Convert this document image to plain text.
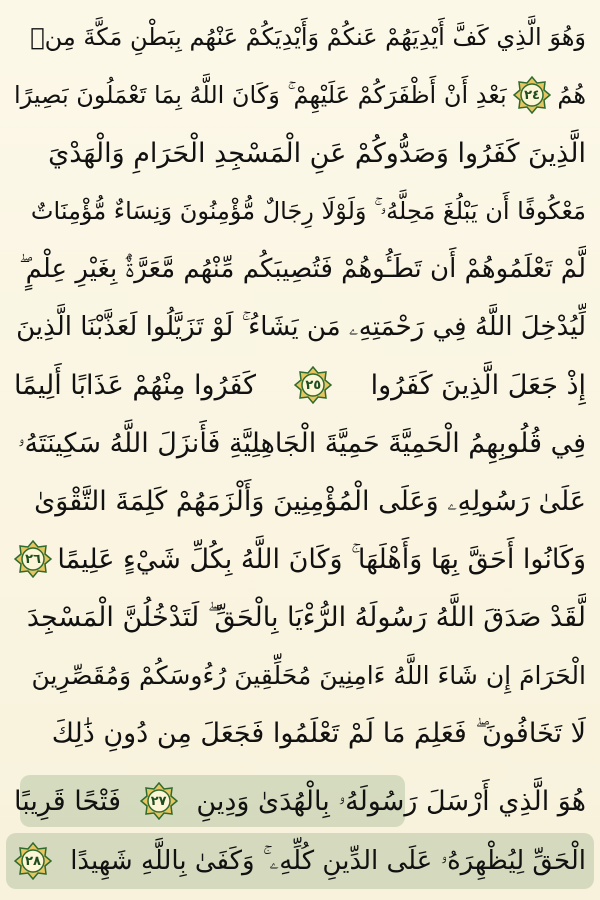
وَهُوَ الَّذِي كَفَّ أَيْدِيَهُمْ عَنكُمْ وَأَيْدِيَكُمْ عَنْهُم بِبَطْنِ مَكَّةَ مِنۢ
هُمُ
٢٤
بَعْدِ أَنْ أَظْفَرَكُمْ عَلَيْهِمْ ۚ وَكَانَ اللَّهُ بِمَا تَعْمَلُونَ بَصِيرًا
الَّذِينَ كَفَرُوا وَصَدُّوكُمْ عَنِ الْمَسْجِدِ الْحَرَامِ وَالْهَدْيَ
مَعْكُوفًا أَن يَبْلُغَ مَحِلَّهُۥ ۚ وَلَوْلَا رِجَالٌ مُّؤْمِنُونَ وَنِسَاءٌ مُّؤْمِنَاتٌ
لَّمْ تَعْلَمُوهُمْ أَن تَطَـُٔوهُمْ فَتُصِيبَكُم مِّنْهُم مَّعَرَّةٌۢ بِغَيْرِ عِلْمٍ ۖ
لِّيُدْخِلَ اللَّهُ فِي رَحْمَتِهِۦ مَن يَشَاءُ ۚ لَوْ تَزَيَّلُوا لَعَذَّبْنَا الَّذِينَ
إِذْ جَعَلَ الَّذِينَ كَفَرُوا
٢٥
كَفَرُوا مِنْهُمْ عَذَابًا أَلِيمًا
فِي قُلُوبِهِمُ الْحَمِيَّةَ حَمِيَّةَ الْجَاهِلِيَّةِ فَأَنزَلَ اللَّهُ سَكِينَتَهُۥ
عَلَىٰ رَسُولِهِۦ وَعَلَى الْمُؤْمِنِينَ وَأَلْزَمَهُمْ كَلِمَةَ التَّقْوَىٰ
وَكَانُوا أَحَقَّ بِهَا وَأَهْلَهَا ۚ وَكَانَ اللَّهُ بِكُلِّ شَيْءٍ عَلِيمًا
٢٦
لَّقَدْ صَدَقَ اللَّهُ رَسُولَهُ الرُّءْيَا بِالْحَقِّ ۖ لَتَدْخُلُنَّ الْمَسْجِدَ
الْحَرَامَ إِن شَاءَ اللَّهُ ءَامِنِينَ مُحَلِّقِينَ رُءُوسَكُمْ وَمُقَصِّرِينَ
لَا تَخَافُونَ ۖ فَعَلِمَ مَا لَمْ تَعْلَمُوا فَجَعَلَ مِن دُونِ ذَٰلِكَ
هُوَ الَّذِي أَرْسَلَ رَسُولَهُۥ بِالْهُدَىٰ وَدِينِ
٢٧
فَتْحًا قَرِيبًا
الْحَقِّ لِيُظْهِرَهُۥ عَلَى الدِّينِ كُلِّهِۦ ۚ وَكَفَىٰ بِاللَّهِ شَهِيدًا
٢٨
